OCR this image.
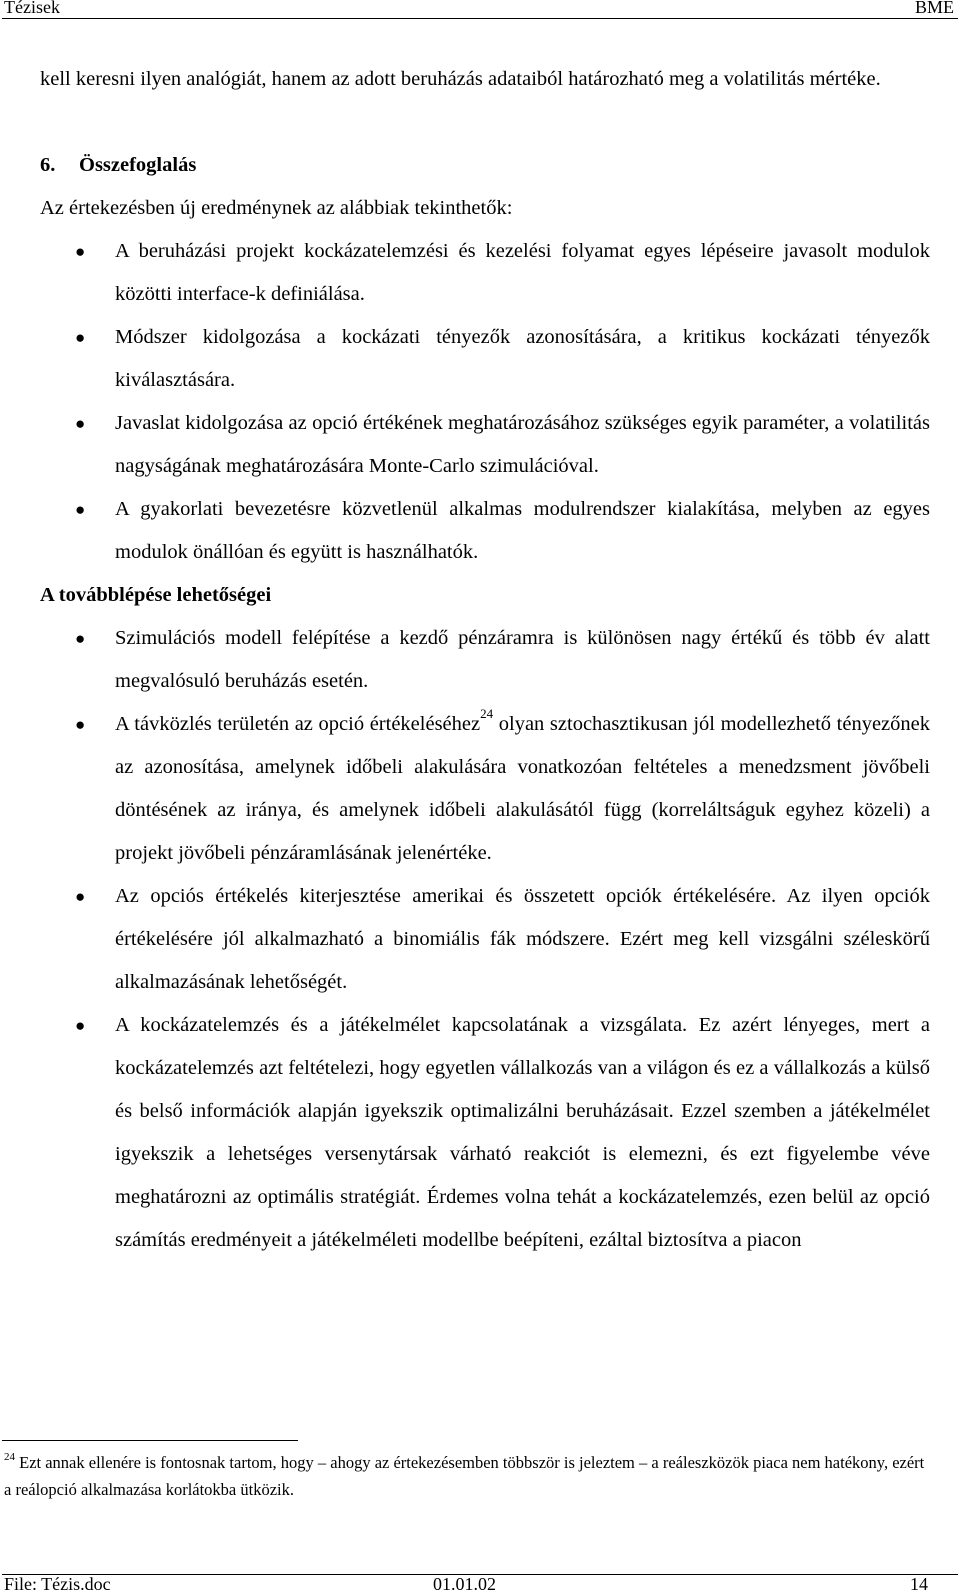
Tézisek	BME

kell keresni ilyen analógiát, hanem az adott beruházás adataiból határozható meg a volatilitás mértéke.

6. Összefoglalás

Az értekezésben új eredménynek az alábbiak tekinthetők:

● A beruházási projekt kockázatelemzési és kezelési folyamat egyes lépéseire javasolt modulok közötti interface-k definiálása.
● Módszer kidolgozása a kockázati tényezők azonosítására, a kritikus kockázati tényezők kiválasztására.
● Javaslat kidolgozása az opció értékének meghatározásához szükséges egyik paraméter, a volatilitás nagyságának meghatározására Monte-Carlo szimulációval.
● A gyakorlati bevezetésre közvetlenül alkalmas modulrendszer kialakítása, melyben az egyes modulok önállóan és együtt is használhatók.

A továbblépése lehetőségei

● Szimulációs modell felépítése a kezdő pénzáramra is különösen nagy értékű és több év alatt megvalósuló beruházás esetén.
● A távközlés területén az opció értékeléséhez$^{24}$ olyan sztochasztikusan jól modellezhető tényezőnek az azonosítása, amelynek időbeli alakulására vonatkozóan feltételes a menedzsment jövőbeli döntésének az iránya, és amelynek időbeli alakulásától függ (korreláltságuk egyhez közeli) a projekt jövőbeli pénzáramlásának jelenértéke.
● Az opciós értékelés kiterjesztése amerikai és összetett opciók értékelésére. Az ilyen opciók értékelésére jól alkalmazható a binomiális fák módszere. Ezért meg kell vizsgálni széleskörű alkalmazásának lehetőségét.
● A kockázatelemzés és a játékelmélet kapcsolatának a vizsgálata. Ez azért lényeges, mert a kockázatelemzés azt feltételezi, hogy egyetlen vállalkozás van a világon és ez a vállalkozás a külső és belső információk alapján igyekszik optimalizálni beruházásait. Ezzel szemben a játékelmélet igyekszik a lehetséges versenytársak várható reakciót is elemezni, és ezt figyelembe véve meghatározni az optimális stratégiát. Érdemes volna tehát a kockázatelemzés, ezen belül az opció számítás eredményeit a játékelméleti modellbe beépíteni, ezáltal biztosítva a piacon
$^{24}$ Ezt annak ellenére is fontosnak tartom, hogy – ahogy az értekezésemben többször is jeleztem – a reáleszközök piaca nem hatékony, ezért a reálopció alkalmazása korlátokba ütközik.
File: Tézis.doc	01.01.02	14
